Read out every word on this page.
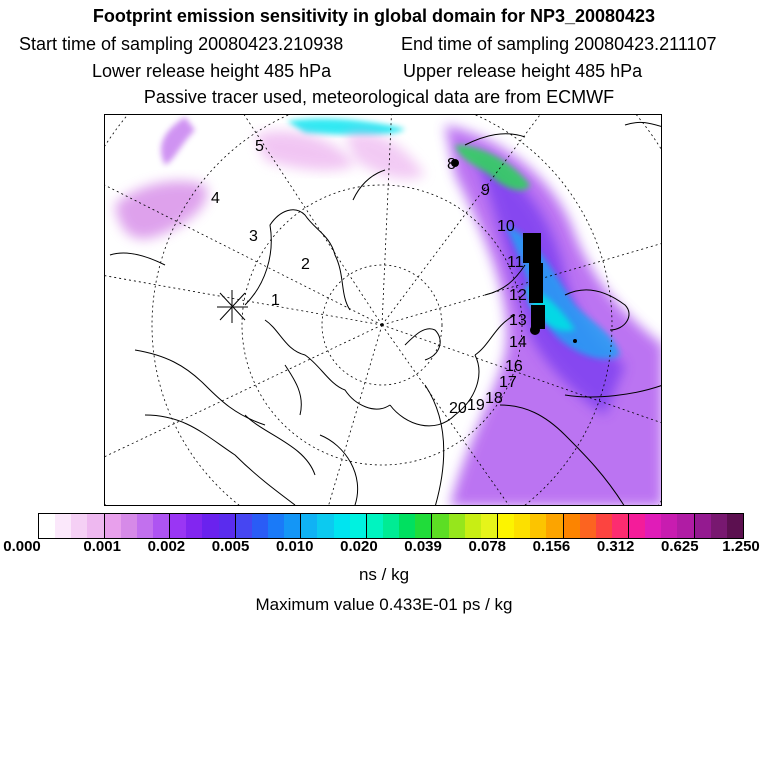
Footprint emission sensitivity in global domain for NP3_20080423
Start time of sampling 20080423.210938	End time of sampling 20080423.211107
Lower release height 485 hPa	Upper release height 485 hPa
Passive tracer used, meteorological data are from ECMWF
1
2
3
4
5
8
9
10
11
12
13
14
16
17
18
19
20
0.000	0.001 0.002 0.005 0.010 0.020 0.039 0.078 0.156 0.312 0.625 1.250
ns / kg
Maximum value 0.433E-01 ps / kg
